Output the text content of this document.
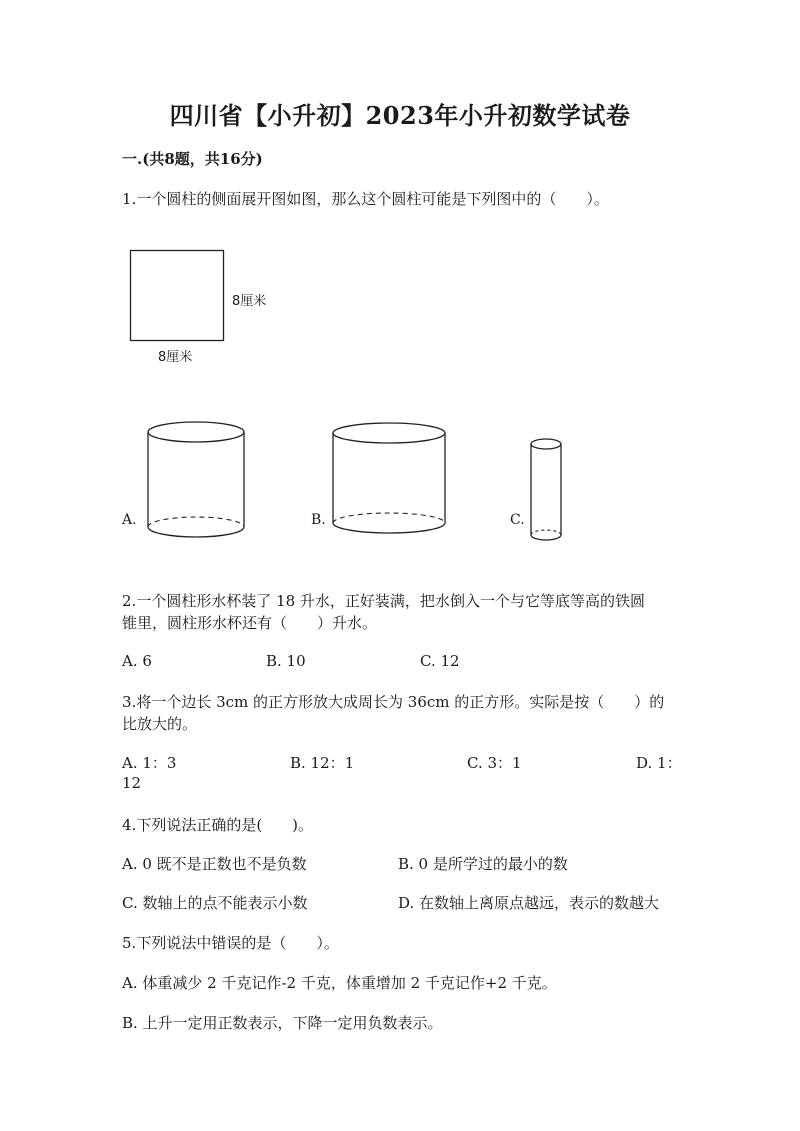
四川省【小升初】2023年小升初数学试卷
一.(共8题，共16分)
1.一个圆柱的侧面展开图如图，那么这个圆柱可能是下列图中的（　　）。
8厘米
8厘米
A.	B.	C.
2.一个圆柱形水杯装了 18 升水，正好装满，把水倒入一个与它等底等高的铁圆
锥里，圆柱形水杯还有（　　）升水。
A. 6	B. 10	C. 12
3.将一个边长 3cm 的正方形放大成周长为 36cm 的正方形。实际是按（　　）的
比放大的。
A. 1：3	B. 12：1	C. 3：1	D. 1：
12
4.下列说法正确的是(　　)。
A. 0 既不是正数也不是负数	B. 0 是所学过的最小的数
C. 数轴上的点不能表示小数	D. 在数轴上离原点越远，表示的数越大
5.下列说法中错误的是（　　）。
A. 体重减少 2 千克记作-2 千克，体重增加 2 千克记作+2 千克。
B. 上升一定用正数表示，下降一定用负数表示。
